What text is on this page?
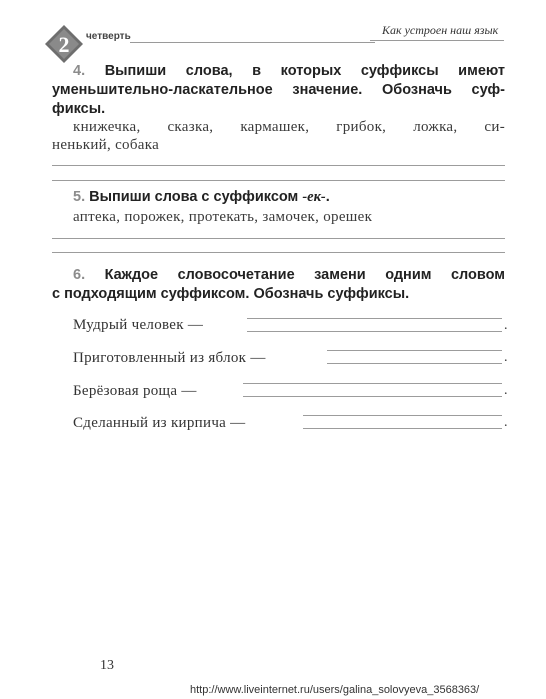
2 четверть	Как устроен наш язык
4. Выпиши слова, в которых суффиксы имеют
уменьшительно-ласкательное значение. Обозначь суф-
фиксы.
книжечка, сказка, кармашек, грибок, ложка, си-
ненький, собака
5. Выпиши слова с суффиксом -ек-.
аптека, порожек, протекать, замочек, орешек
6. Каждое словосочетание замени одним словом
с подходящим суффиксом. Обозначь суффиксы.
Мудрый человек —	.
Приготовленный из яблок —	.
Берёзовая роща —	.
Сделанный из кирпича —	.
13
http://www.liveinternet.ru/users/galina_solovyeva_3568363/
